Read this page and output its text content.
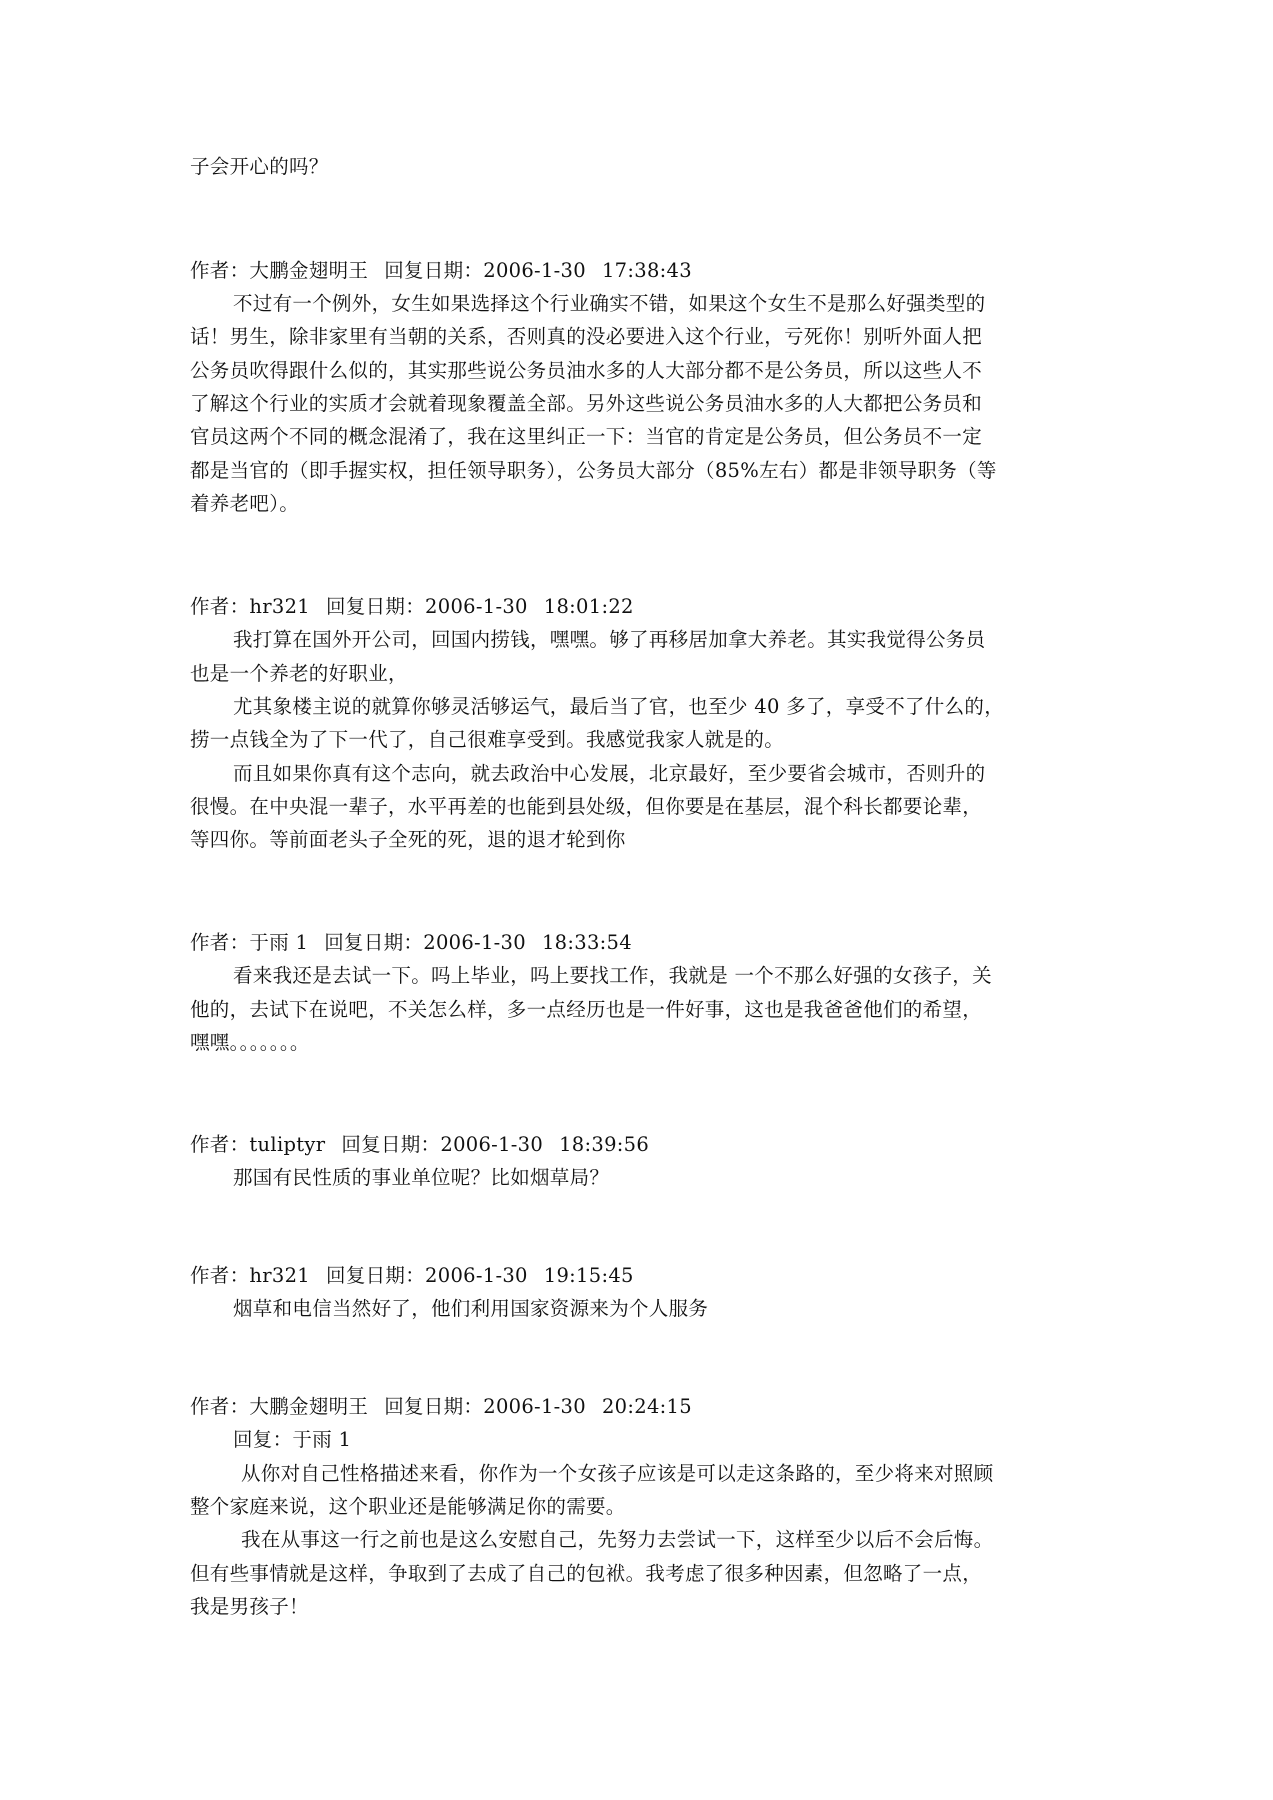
子会开心的吗？
作者：大鹏金翅明王 回复日期：2006-1-30 17:38:43
不过有一个例外，女生如果选择这个行业确实不错，如果这个女生不是那么好强类型的
话！男生，除非家里有当朝的关系，否则真的没必要进入这个行业，亏死你！别听外面人把
公务员吹得跟什么似的，其实那些说公务员油水多的人大部分都不是公务员，所以这些人不
了解这个行业的实质才会就着现象覆盖全部。另外这些说公务员油水多的人大都把公务员和
官员这两个不同的概念混淆了，我在这里纠正一下：当官的肯定是公务员，但公务员不一定
都是当官的（即手握实权，担任领导职务），公务员大部分（85%左右）都是非领导职务（等
着养老吧）。
作者：hr321 回复日期：2006-1-30 18:01:22
我打算在国外开公司，回国内捞钱，嘿嘿。够了再移居加拿大养老。其实我觉得公务员
也是一个养老的好职业，
尤其象楼主说的就算你够灵活够运气，最后当了官，也至少 40 多了，享受不了什么的，
捞一点钱全为了下一代了，自己很难享受到。我感觉我家人就是的。
而且如果你真有这个志向，就去政治中心发展，北京最好，至少要省会城市，否则升的
很慢。在中央混一辈子，水平再差的也能到县处级，但你要是在基层，混个科长都要论辈，
等四你。等前面老头子全死的死，退的退才轮到你
作者：于雨 1 回复日期：2006-1-30 18:33:54
看来我还是去试一下。吗上毕业，吗上要找工作，我就是 一个不那么好强的女孩子，关
他的，去试下在说吧，不关怎么样，多一点经历也是一件好事，这也是我爸爸他们的希望，
嘿嘿。。。。。。。
作者：tuliptyr 回复日期：2006-1-30 18:39:56
那国有民性质的事业单位呢？比如烟草局？
作者：hr321 回复日期：2006-1-30 19:15:45
烟草和电信当然好了，他们利用国家资源来为个人服务
作者：大鹏金翅明王 回复日期：2006-1-30 20:24:15
回复：于雨 1
从你对自己性格描述来看，你作为一个女孩子应该是可以走这条路的，至少将来对照顾
整个家庭来说，这个职业还是能够满足你的需要。
我在从事这一行之前也是这么安慰自己，先努力去尝试一下，这样至少以后不会后悔。
但有些事情就是这样，争取到了去成了自己的包袱。我考虑了很多种因素，但忽略了一点，
我是男孩子！
